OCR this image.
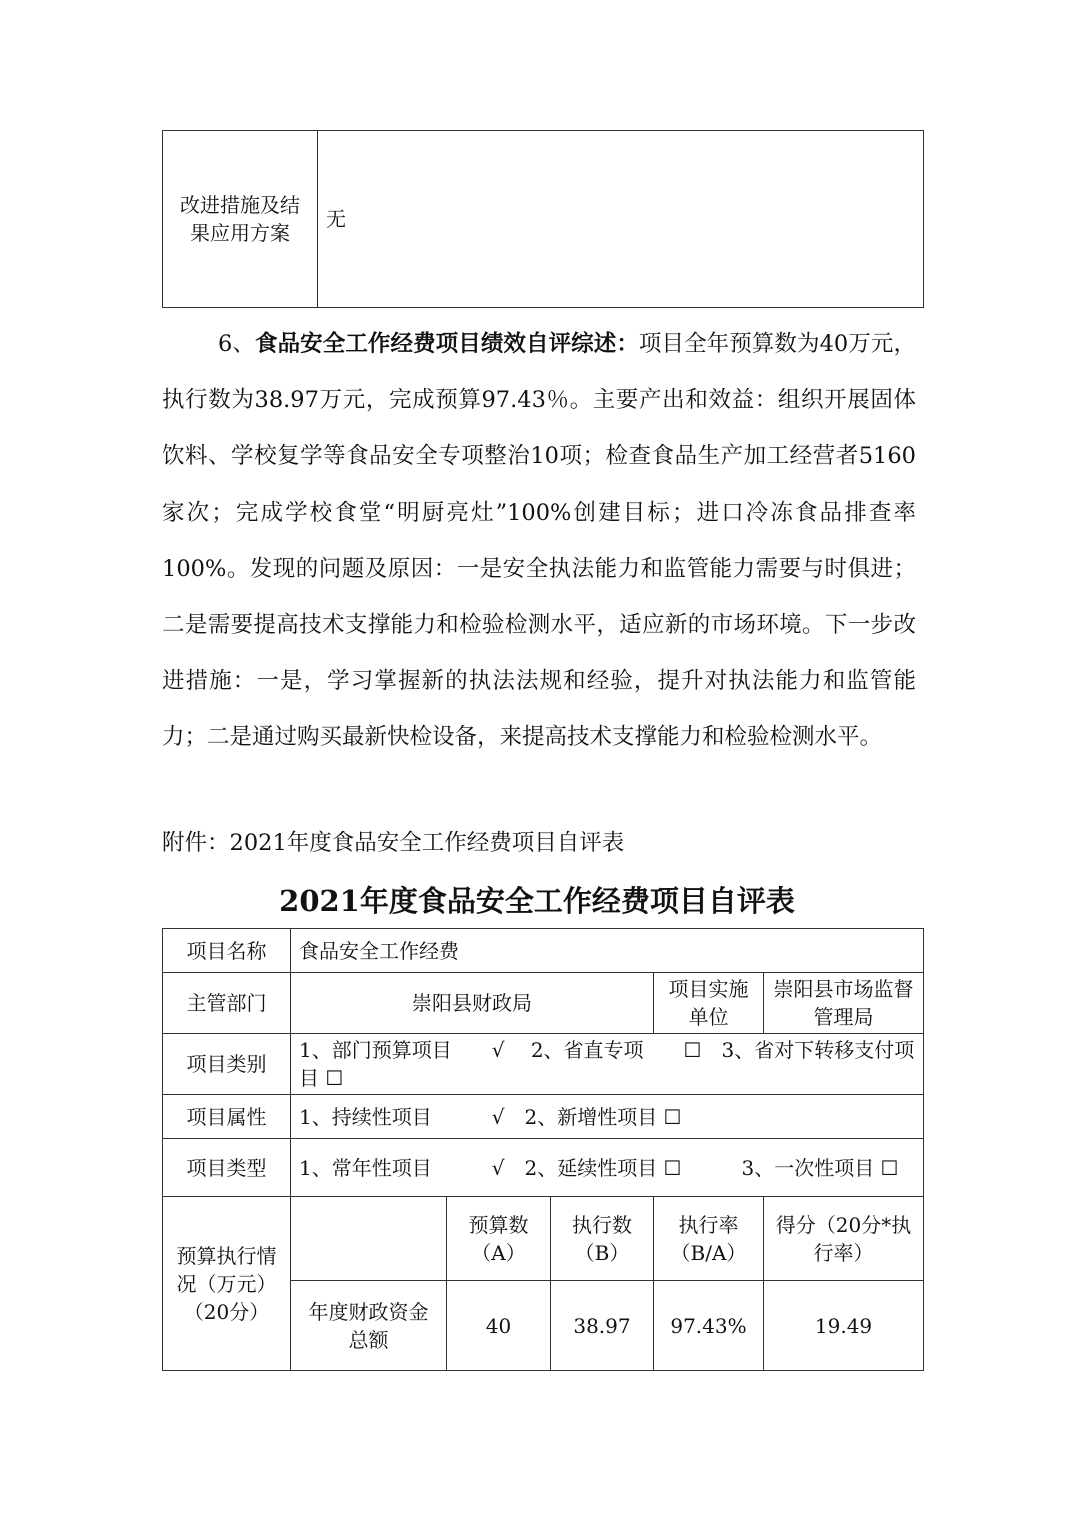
改进措施及结果应用方案	无

6、食品安全工作经费项目绩效自评综述：项目全年预算数为40万元，执行数为38.97万元，完成预算97.43％。主要产出和效益：组织开展固体饮料、学校复学等食品安全专项整治10项；检查食品生产加工经营者5160家次；完成学校食堂“明厨亮灶”100%创建目标；进口冷冻食品排查率100%。发现的问题及原因：一是安全执法能力和监管能力需要与时俱进；二是需要提高技术支撑能力和检验检测水平，适应新的市场环境。下一步改进措施：一是，学习掌握新的执法法规和经验，提升对执法能力和监管能力；二是通过购买最新快检设备，来提高技术支撑能力和检验检测水平。

附件：2021年度食品安全工作经费项目自评表

2021年度食品安全工作经费项目自评表
项目名称	食品安全工作经费				
主管部门	崇阳县财政局			项目实施单位	崇阳县市场监督管理局
项目类别	1、部门预算项目　　√　 2、省直专项　　☐　3、省对下转移支付项目 ☐				
项目属性	1、持续性项目　　　√　2、新增性项目 ☐				
项目类型	1、常年性项目　　　√　2、延续性项目 ☐　　　3、一次性项目 ☐				
预算执行情况（万元）（20分）		预算数（A）	执行数（B）	执行率（B/A）	得分（20分*执行率）
	年度财政资金总额	40	38.97	97.43%	19.49
